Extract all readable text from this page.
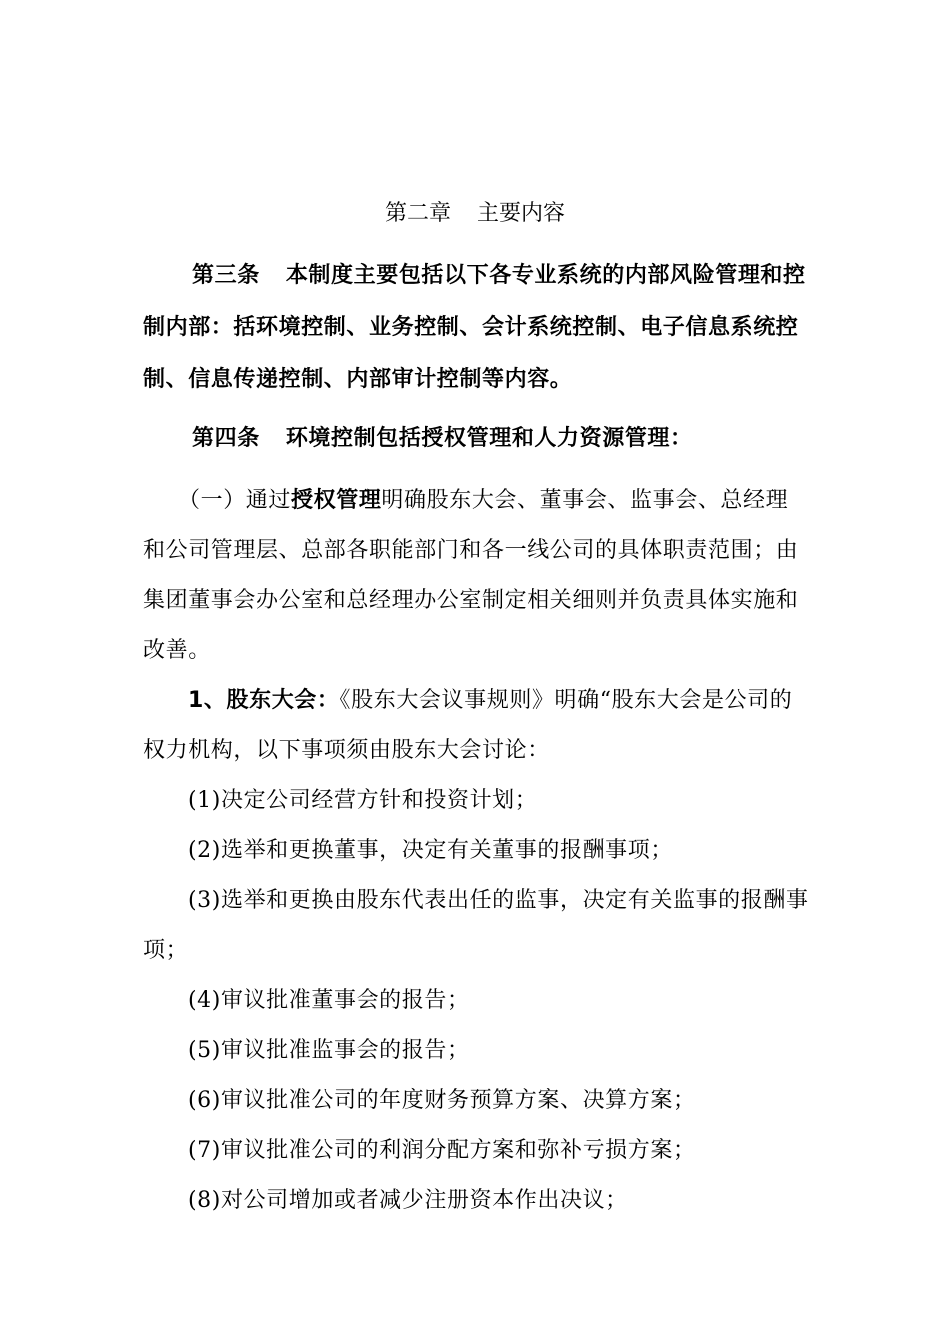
第二章 主要内容
第三条 本制度主要包括以下各专业系统的内部风险管理和控
制内部：括环境控制、业务控制、会计系统控制、电子信息系统控
制、信息传递控制、内部审计控制等内容。
第四条 环境控制包括授权管理和人力资源管理：
（一）通过授权管理明确股东大会、董事会、监事会、总经理
和公司管理层、总部各职能部门和各一线公司的具体职责范围；由
集团董事会办公室和总经理办公室制定相关细则并负责具体实施和
改善。
1、股东大会：《股东大会议事规则》明确“股东大会是公司的
权力机构，以下事项须由股东大会讨论：
(1)决定公司经营方针和投资计划；
(2)选举和更换董事，决定有关董事的报酬事项；
(3)选举和更换由股东代表出任的监事，决定有关监事的报酬事
项；
(4)审议批准董事会的报告；
(5)审议批准监事会的报告；
(6)审议批准公司的年度财务预算方案、决算方案；
(7)审议批准公司的利润分配方案和弥补亏损方案；
(8)对公司增加或者减少注册资本作出决议；
